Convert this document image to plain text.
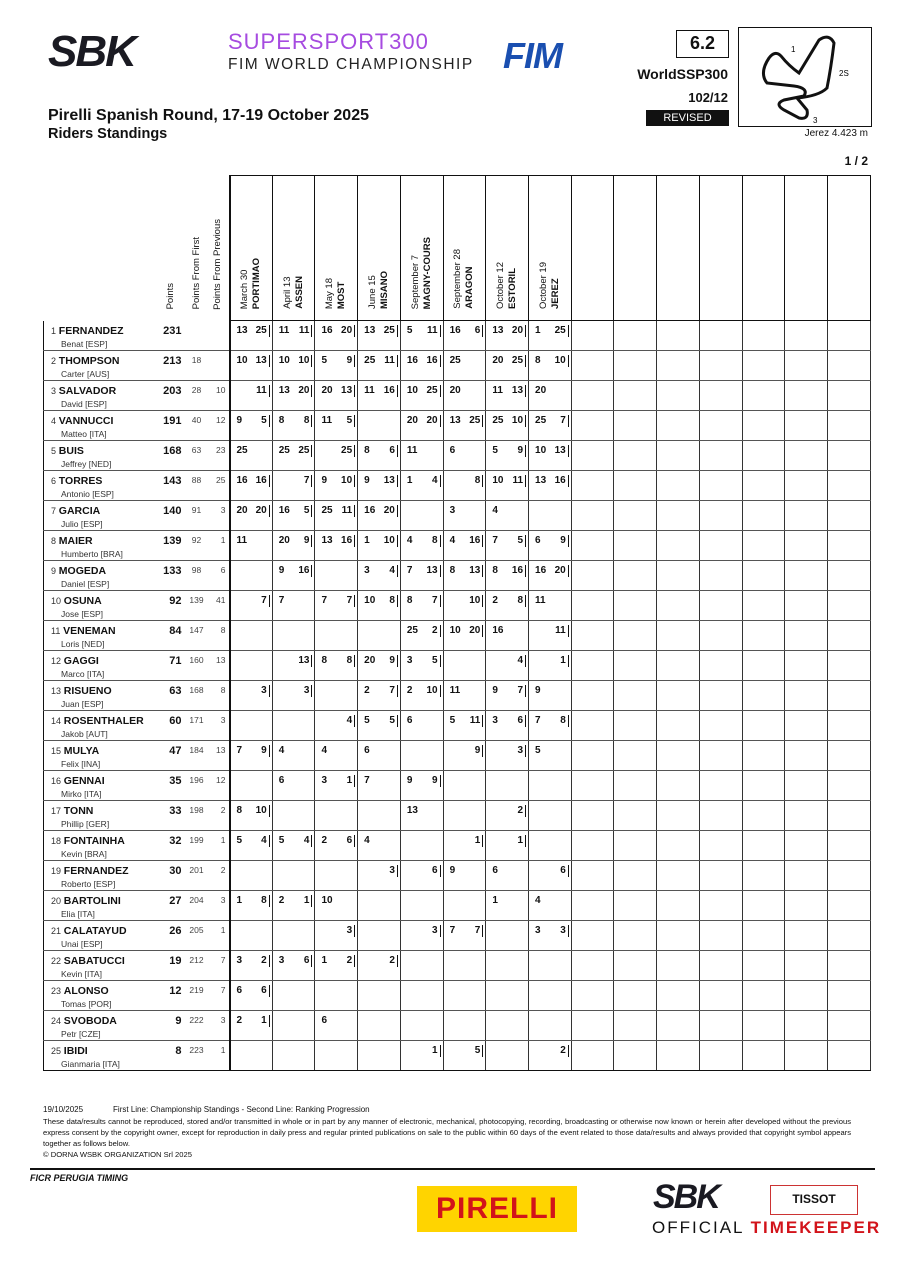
SBK	SUPERSPORT300
FIM WORLD CHAMPIONSHIP FIM	6.2
WorldSSP300
102/12
REVISED
1
2S
3
Jerez 4.423 m
Pirelli Spanish Round, 17-19 October 2025
Riders Standings
1 / 2
	Points	Points From First	Points From Previous	March 30 PORTIMAO	April 13 ASSEN	May 18 MOST	June 15 MISANO	September 7 MAGNY-COURS	September 28 ARAGON	October 12 ESTORIL	October 19 JEREZ							

1 FERNANDEZ
Benat [ESP]	231			13 25	11 11	16 20	13 25	5 11	16 6	13 20	1 25							

2 THOMPSON
Carter [AUS]	213	18		10 13	10 10	5 9	25 11	16 16	25	20 25	8 10							

3 SALVADOR
David [ESP]	203	28	10	11	13 20	20 13	11 16	10 25	20	11 13	20							

4 VANNUCCI
Matteo [ITA]	191	40	12	9 5	8 8	11 5		20 20	13 25	25 10	25 7							

5 BUIS
Jeffrey [NED]	168	63	23	25	25 25	25	8 6	11	6	5 9	10 13							

6 TORRES
Antonio [ESP]	143	88	25	16 16	7	9 10	9 13	1 4	8	10 11	13 16							

7 GARCIA
Julio [ESP]	140	91	3	20 20	16 5	25 11	16 20		3	4								

8 MAIER
Humberto [BRA]	139	92	1	11	20 9	13 16	1 10	4 8	4 16	7 5	6 9							

9 MOGEDA
Daniel [ESP]	133	98	6		9 16		3 4	7 13	8 13	8 16	16 20							

10 OSUNA
Jose [ESP]	92	139	41	7	7	7 7	10 8	8 7	10	2 8	11							

11 VENEMAN
Loris [NED]	84	147	8					25 2	10 20	16	11							

12 GAGGI
Marco [ITA]	71	160	13		13	8 8	20 9	3 5		4	1							

13 RISUENO
Juan [ESP]	63	168	8	3	3		2 7	2 10	11	9 7	9							

14 ROSENTHALER
Jakob [AUT]	60	171	3			4	5 5	6	5 11	3 6	7 8							

15 MULYA
Felix [INA]	47	184	13	7 9	4	4	6		9	3	5							

16 GENNAI
Mirko [ITA]	35	196	12		6	3 1	7	9 9										

17 TONN
Phillip [GER]	33	198	2	8 10				13		2								

18 FONTAINHA
Kevin [BRA]	32	199	1	5 4	5 4	2 6	4		1	1								

19 FERNANDEZ
Roberto [ESP]	30	201	2				3	6	9	6	6							

20 BARTOLINI
Elia [ITA]	27	204	3	1 8	2 1	10				1	4							

21 CALATAYUD
Unai [ESP]	26	205	1			3		3	7 7		3 3							

22 SABATUCCI
Kevin [ITA]	19	212	7	3 2	3 6	1 2	2											

23 ALONSO
Tomas [POR]	12	219	7	6 6														

24 SVOBODA
Petr [CZE]	9	222	3	2 1		6												

25 IBIDI
Gianmaria [ITA]	8	223	1					1	5		2							

19/10/2025	First Line: Championship Standings - Second Line: Ranking Progression
These data/results cannot be reproduced, stored and/or transmitted in whole or in part by any manner of electronic, mechanical, photocopying, recording, broadcasting or otherwise now known or herein after developed without the previous express consent by the copyright owner, except for reproduction in daily press and regular printed publications on sale to the public within 60 days of the event related to those data/results and always provided that copyright symbol appears together as follows below.
© DORNA WSBK ORGANIZATION Srl 2025
FICR PERUGIA TIMING
PIRELLI	SBK	TISSOT
OFFICIAL TIMEKEEPER
